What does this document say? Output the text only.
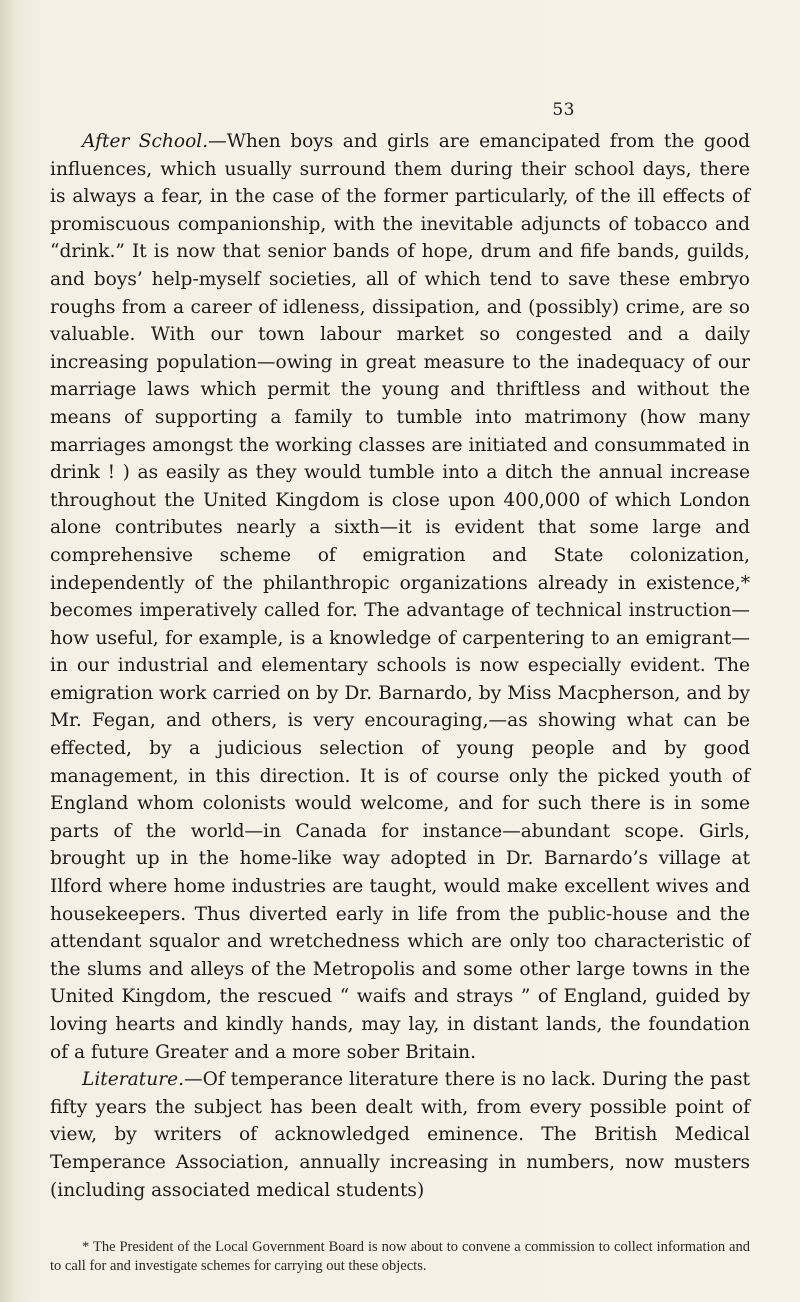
53

After School.—When boys and girls are emancipated from the good influences, which usually surround them during their school days, there is always a fear, in the case of the former particularly, of the ill effects of promiscuous companionship, with the inevitable adjuncts of tobacco and “drink.” It is now that senior bands of hope, drum and fife bands, guilds, and boys’ help-myself societies, all of which tend to save these embryo roughs from a career of idleness, dissipation, and (possibly) crime, are so valuable. With our town labour market so congested and a daily increasing population—owing in great measure to the inadequacy of our marriage laws which permit the young and thriftless and without the means of supporting a family to tumble into matrimony (how many marriages amongst the working classes are initiated and consummated in drink ! ) as easily as they would tumble into a ditch the annual increase throughout the United Kingdom is close upon 400,000 of which London alone contributes nearly a sixth—it is evident that some large and comprehensive scheme of emigration and State colonization, independently of the philanthropic organizations already in existence,* becomes imperatively called for. The advantage of technical instruction—how useful, for example, is a knowledge of carpentering to an emigrant—in our industrial and elementary schools is now especially evident. The emigration work carried on by Dr. Barnardo, by Miss Macpherson, and by Mr. Fegan, and others, is very encouraging,—as showing what can be effected, by a judicious selection of young people and by good management, in this direction. It is of course only the picked youth of England whom colonists would welcome, and for such there is in some parts of the world—in Canada for instance—abundant scope. Girls, brought up in the home-like way adopted in Dr. Barnardo’s village at Ilford where home industries are taught, would make excellent wives and housekeepers. Thus diverted early in life from the public-house and the attendant squalor and wretchedness which are only too characteristic of the slums and alleys of the Metropolis and some other large towns in the United Kingdom, the rescued “ waifs and strays ” of England, guided by loving hearts and kindly hands, may lay, in distant lands, the foundation of a future Greater and a more sober Britain.

Literature.—Of temperance literature there is no lack. During the past fifty years the subject has been dealt with, from every possible point of view, by writers of acknowledged eminence. The British Medical Temperance Association, annually increasing in numbers, now musters (including associated medical students)

* The President of the Local Government Board is now about to convene a commission to collect information and to call for and investigate schemes for carrying out these objects.
